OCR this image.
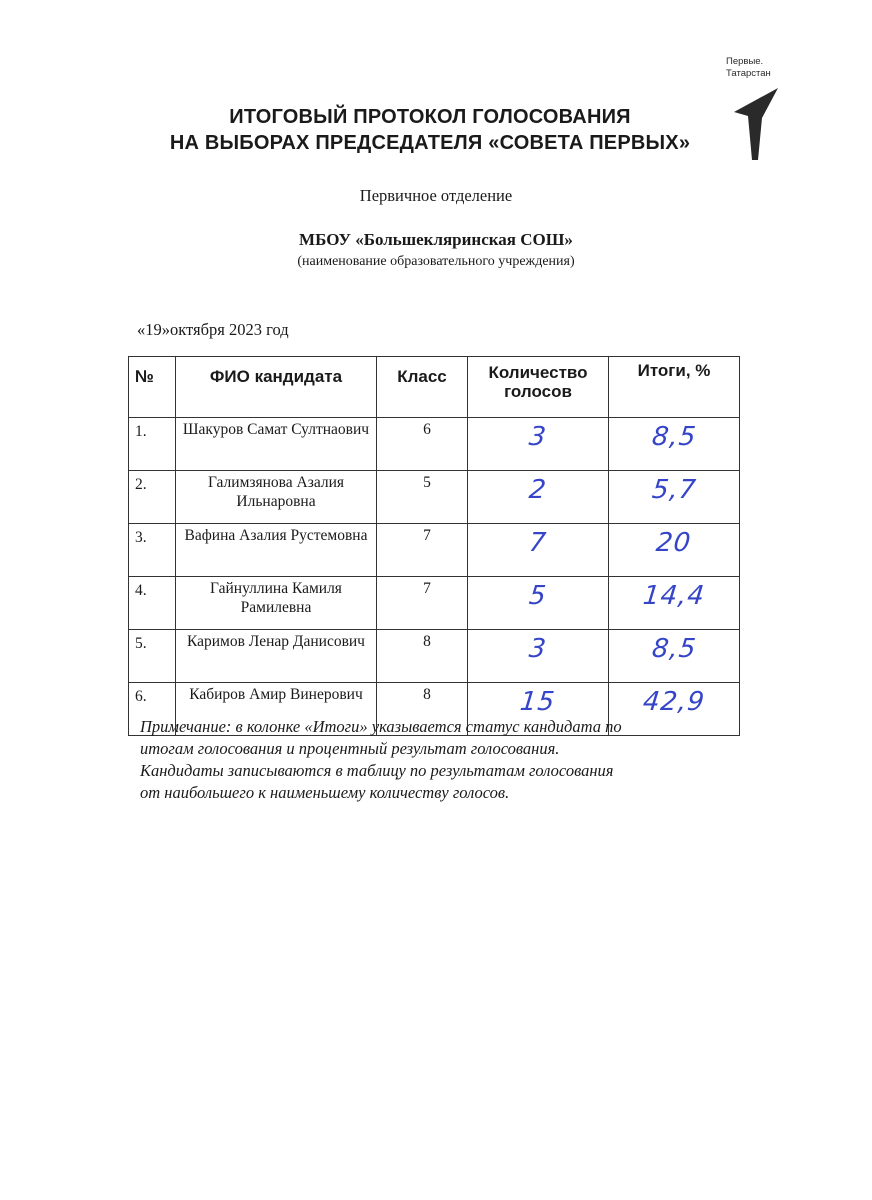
Первые.
Татарстан
ИТОГОВЫЙ ПРОТОКОЛ ГОЛОСОВАНИЯ
НА ВЫБОРАХ ПРЕДСЕДАТЕЛЯ «СОВЕТА ПЕРВЫХ»
Первичное отделение
МБОУ «Большекляринская СОШ»
(наименование образовательного учреждения)
«19»октября 2023 год
№	ФИО кандидата	Класс	Количество голосов	Итоги, %
1.	Шакуров Самат Султнаович	6	3	8,5
2.	Галимзянова Азалия Ильнаровна	5	2	5,7
3.	Вафина Азалия Рустемовна	7	7	20
4.	Гайнуллина Камиля Рамилевна	7	5	14,4
5.	Каримов Ленар Данисович	8	3	8,5
6.	Кабиров Амир Винерович	8	15	42,9
Примечание: в колонке «Итоги» указывается статус кандидата по
итогам голосования и процентный результат голосования.
Кандидаты записываются в таблицу по результатам голосования
от наибольшего к наименьшему количеству голосов.
